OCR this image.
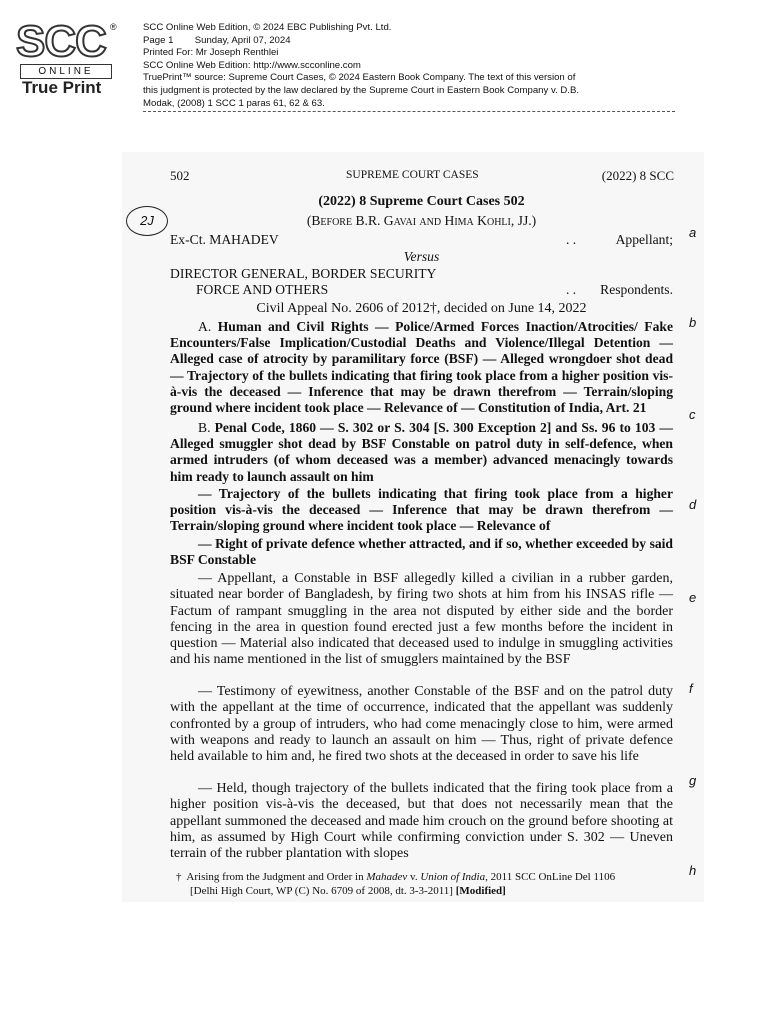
SCC ®
ONLINE
True Print
SCC Online Web Edition, © 2024 EBC Publishing Pvt. Ltd.
Page 1        Sunday, April 07, 2024
Printed For: Mr Joseph Renthlei
SCC Online Web Edition: http://www.scconline.com
TruePrint™ source: Supreme Court Cases, © 2024 Eastern Book Company. The text of this version of
this judgment is protected by the law declared by the Supreme Court in Eastern Book Company v. D.B.
Modak, (2008) 1 SCC 1 paras 61, 62 & 63.
502	SUPREME COURT CASES	(2022) 8 SCC
(2022) 8 Supreme Court Cases 502
2J	(Before B.R. Gavai and Hima Kohli, JJ.)
Ex-Ct. MAHADEV	. .	Appellant;
Versus
DIRECTOR GENERAL, BORDER SECURITY
FORCE AND OTHERS	. . Respondents.
Civil Appeal No. 2606 of 2012†, decided on June 14, 2022
A. Human and Civil Rights — Police/Armed Forces Inaction/Atrocities/ Fake Encounters/False Implication/Custodial Deaths and Violence/Illegal Detention — Alleged case of atrocity by paramilitary force (BSF) — Alleged wrongdoer shot dead — Trajectory of the bullets indicating that firing took place from a higher position vis-à-vis the deceased — Inference that may be drawn therefrom — Terrain/sloping ground where incident took place — Relevance of — Constitution of India, Art. 21
B. Penal Code, 1860 — S. 302 or S. 304 [S. 300 Exception 2] and Ss. 96 to 103 — Alleged smuggler shot dead by BSF Constable on patrol duty in self-defence, when armed intruders (of whom deceased was a member) advanced menacingly towards him ready to launch assault on him
— Trajectory of the bullets indicating that firing took place from a higher position vis-à-vis the deceased — Inference that may be drawn therefrom — Terrain/sloping ground where incident took place — Relevance of
— Right of private defence whether attracted, and if so, whether exceeded by said BSF Constable
— Appellant, a Constable in BSF allegedly killed a civilian in a rubber garden, situated near border of Bangladesh, by firing two shots at him from his INSAS rifle — Factum of rampant smuggling in the area not disputed by either side and the border fencing in the area in question found erected just a few months before the incident in question — Material also indicated that deceased used to indulge in smuggling activities and his name mentioned in the list of smugglers maintained by the BSF
— Testimony of eyewitness, another Constable of the BSF and on the patrol duty with the appellant at the time of occurrence, indicated that the appellant was suddenly confronted by a group of intruders, who had come menacingly close to him, were armed with weapons and ready to launch an assault on him — Thus, right of private defence held available to him and, he fired two shots at the deceased in order to save his life
— Held, though trajectory of the bullets indicated that the firing took place from a higher position vis-à-vis the deceased, but that does not necessarily mean that the appellant summoned the deceased and made him crouch on the ground before shooting at him, as assumed by High Court while confirming conviction under S. 302 — Uneven terrain of the rubber plantation with slopes
a
b
c
d
e
f
g
h
† Arising from the Judgment and Order in Mahadev v. Union of India, 2011 SCC OnLine Del 1106
[Delhi High Court, WP (C) No. 6709 of 2008, dt. 3-3-2011] [Modified]
